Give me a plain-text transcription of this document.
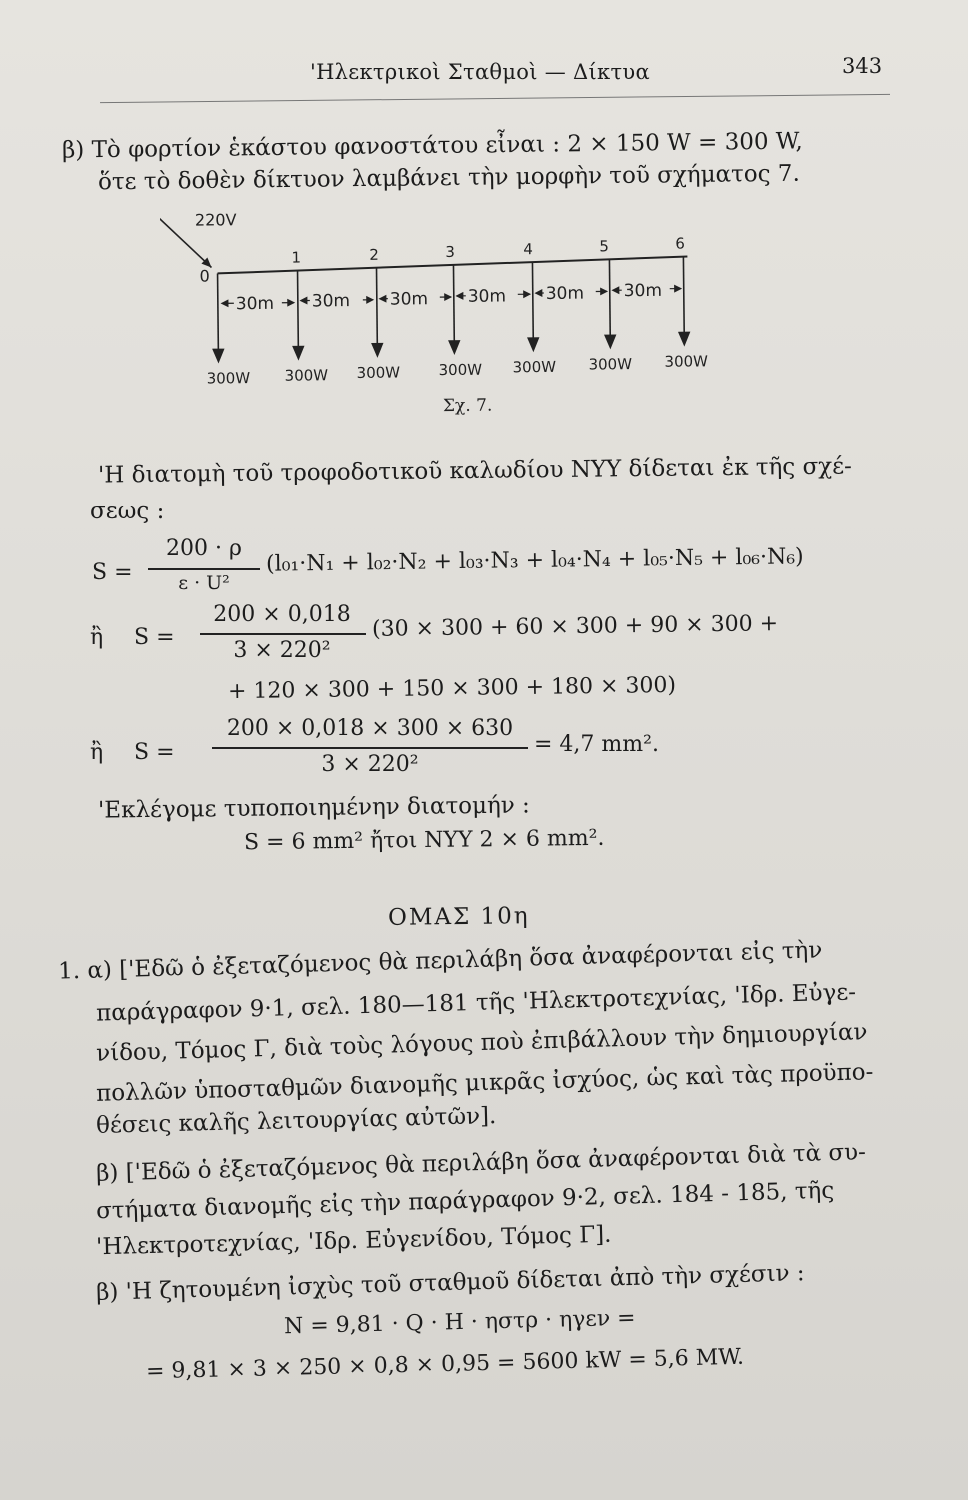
'Ηλεκτρικοὶ Σταθμοὶ — Δίκτυα	343
β) Τὸ φορτίον ἑκάστου φανοστάτου εἶναι : 2 × 150 W = 300 W,
ὅτε τὸ δοθὲν δίκτυον λαμβάνει τὴν μορφὴν τοῦ σχήματος 7.
220V
0
1	2	3	4	5	6
30m 30m 30m 30m 30m 30m
300W 300W 300W	300W 300W 300W 300W
Σχ. 7.
'Η διατομὴ τοῦ τροφοδοτικοῦ καλωδίου NYY δίδεται ἐκ τῆς σχέ-
σεως :
S =
200 · ρ
ε · U²
(l₀₁·N₁ + l₀₂·N₂ + l₀₃·N₃ + l₀₄·N₄ + l₀₅·N₅ + l₀₆·N₆)
ἢ S =
200 × 0,018
3 × 220²
(30 × 300 + 60 × 300 + 90 × 300 +
+ 120 × 300 + 150 × 300 + 180 × 300)
ἢ S =
200 × 0,018 × 300 × 630
3 × 220²
= 4,7 mm².
'Εκλέγομε τυποποιημένην διατομήν :
S = 6 mm² ἤτοι NYY 2 × 6 mm².
ΟΜΑΣ 10η
1. α) ['Εδῶ ὁ ἐξεταζόμενος θὰ περιλάβη ὅσα ἀναφέρονται εἰς τὴν
παράγραφον 9·1, σελ. 180—181 τῆς 'Ηλεκτροτεχνίας, 'Ιδρ. Εὐγε-
νίδου, Τόμος Γ, διὰ τοὺς λόγους ποὺ ἐπιβάλλουν τὴν δημιουργίαν
πολλῶν ὑποσταθμῶν διανομῆς μικρᾶς ἰσχύος, ὡς καὶ τὰς προϋπο-
θέσεις καλῆς λειτουργίας αὐτῶν].
β) ['Εδῶ ὁ ἐξεταζόμενος θὰ περιλάβη ὅσα ἀναφέρονται διὰ τὰ συ-
στήματα διανομῆς εἰς τὴν παράγραφον 9·2, σελ. 184 - 185, τῆς
'Ηλεκτροτεχνίας, 'Ιδρ. Εὐγενίδου, Τόμος Γ].
β) 'Η ζητουμένη ἰσχὺς τοῦ σταθμοῦ δίδεται ἀπὸ τὴν σχέσιν :
N = 9,81 · Q · H · ηστρ · ηγεν =
= 9,81 × 3 × 250 × 0,8 × 0,95 = 5600 kW = 5,6 MW.
